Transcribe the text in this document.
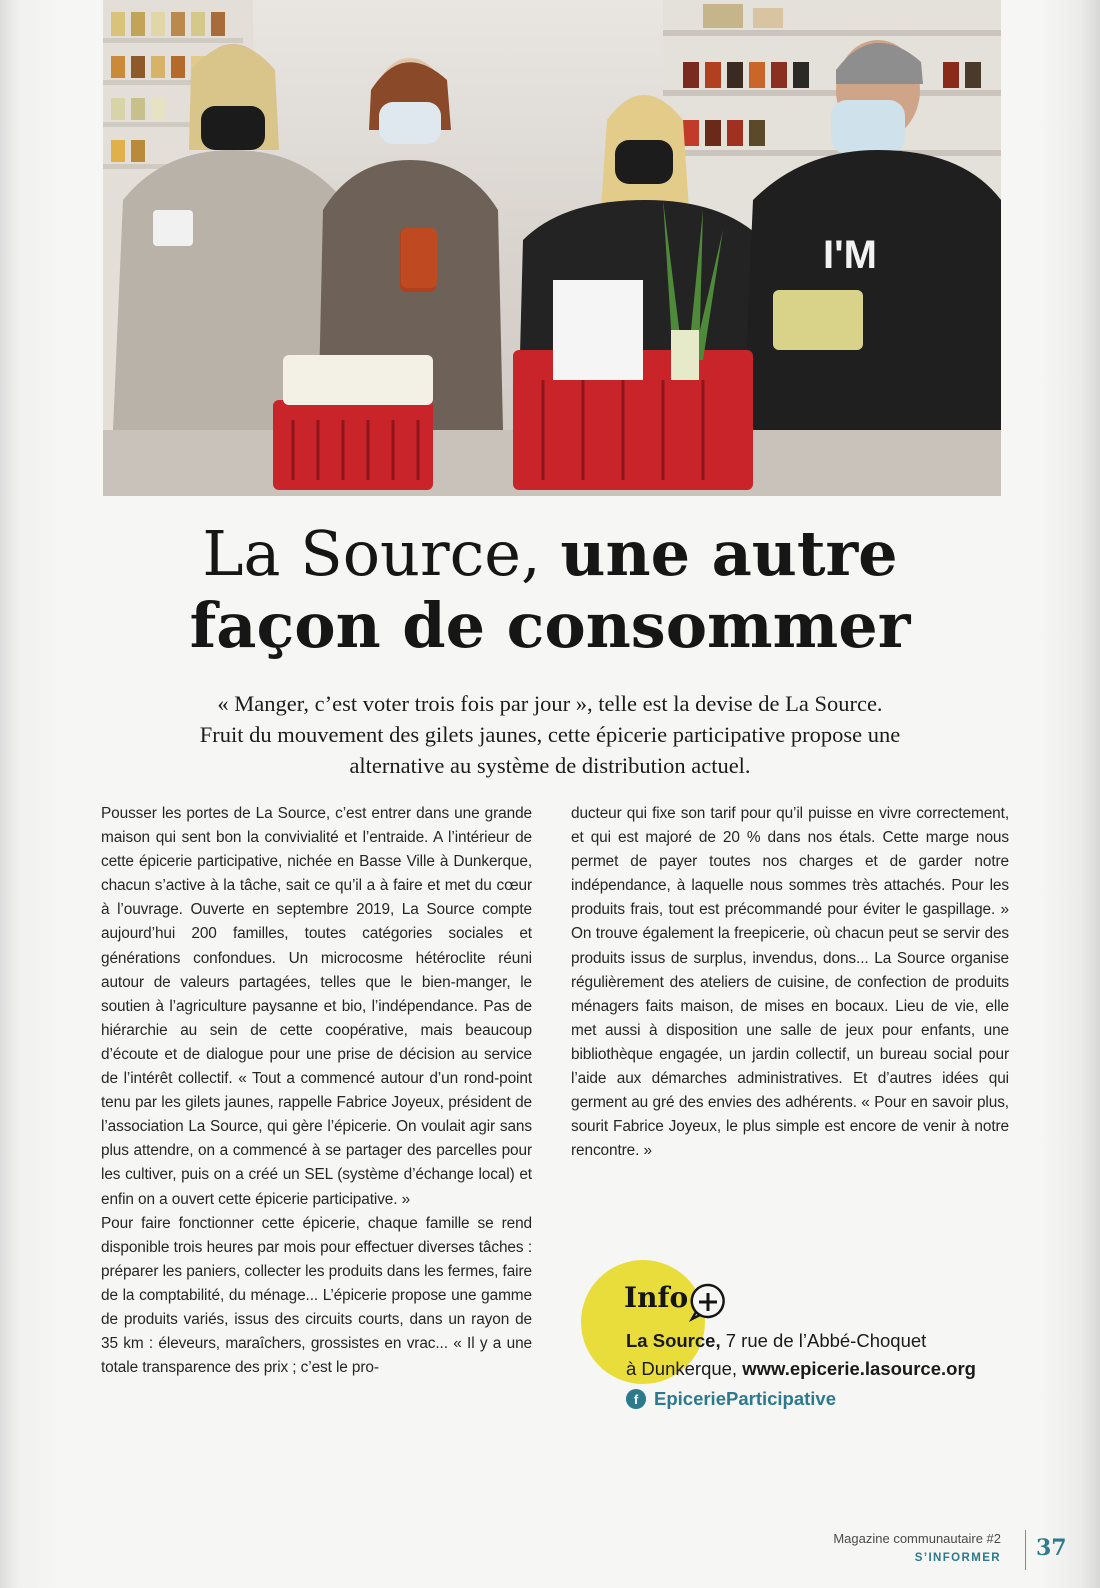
I'M
La Source, une autre
façon de consommer

« Manger, c’est voter trois fois par jour », telle est la devise de La Source.
Fruit du mouvement des gilets jaunes, cette épicerie participative propose une
alternative au système de distribution actuel.

Pousser les portes de La Source, c’est entrer dans une grande maison qui sent bon la convivialité et l’entraide. A l’intérieur de cette épicerie participative, nichée en Basse Ville à Dunkerque, chacun s’active à la tâche, sait ce qu’il a à faire et met du cœur à l’ouvrage. Ouverte en septembre 2019, La Source compte aujourd’hui 200 familles, toutes catégories sociales et générations confondues. Un microcosme hétéroclite réuni autour de valeurs partagées, telles que le bien-manger, le soutien à l’agriculture paysanne et bio, l’indépendance. Pas de hiérarchie au sein de cette coopérative, mais beaucoup d’écoute et de dialogue pour une prise de décision au service de l’intérêt collectif. « Tout a commencé autour d’un rond-point tenu par les gilets jaunes, rappelle Fabrice Joyeux, président de l’association La Source, qui gère l’épicerie. On voulait agir sans plus attendre, on a commencé à se partager des parcelles pour les cultiver, puis on a créé un SEL (système d’échange local) et enfin on a ouvert cette épicerie participative. »

Pour faire fonctionner cette épicerie, chaque famille se rend disponible trois heures par mois pour effectuer diverses tâches : préparer les paniers, collecter les produits dans les fermes, faire de la comptabilité, du ménage... L’épicerie propose une gamme de produits variés, issus des circuits courts, dans un rayon de 35 km : éleveurs, maraîchers, grossistes en vrac... « Il y a une totale transparence des prix ; c’est le pro-

ducteur qui fixe son tarif pour qu’il puisse en vivre correctement, et qui est majoré de 20 % dans nos étals. Cette marge nous permet de payer toutes nos charges et de garder notre indépendance, à laquelle nous sommes très attachés. Pour les produits frais, tout est précommandé pour éviter le gaspillage. » On trouve également la freepicerie, où chacun peut se servir des produits issus de surplus, invendus, dons... La Source organise régulièrement des ateliers de cuisine, de confection de produits ménagers faits maison, de mises en bocaux. Lieu de vie, elle met aussi à disposition une salle de jeux pour enfants, une bibliothèque engagée, un jardin collectif, un bureau social pour l’aide aux démarches administratives. Et d’autres idées qui germent au gré des envies des adhérents. « Pour en savoir plus, sourit Fabrice Joyeux, le plus simple est encore de venir à notre rencontre. »

Info
La Source, 7 rue de l’Abbé-Choquet
à Dunkerque, www.epicerie.lasource.org
f EpicerieParticipative
Magazine communautaire #2
S’INFORMER 37
